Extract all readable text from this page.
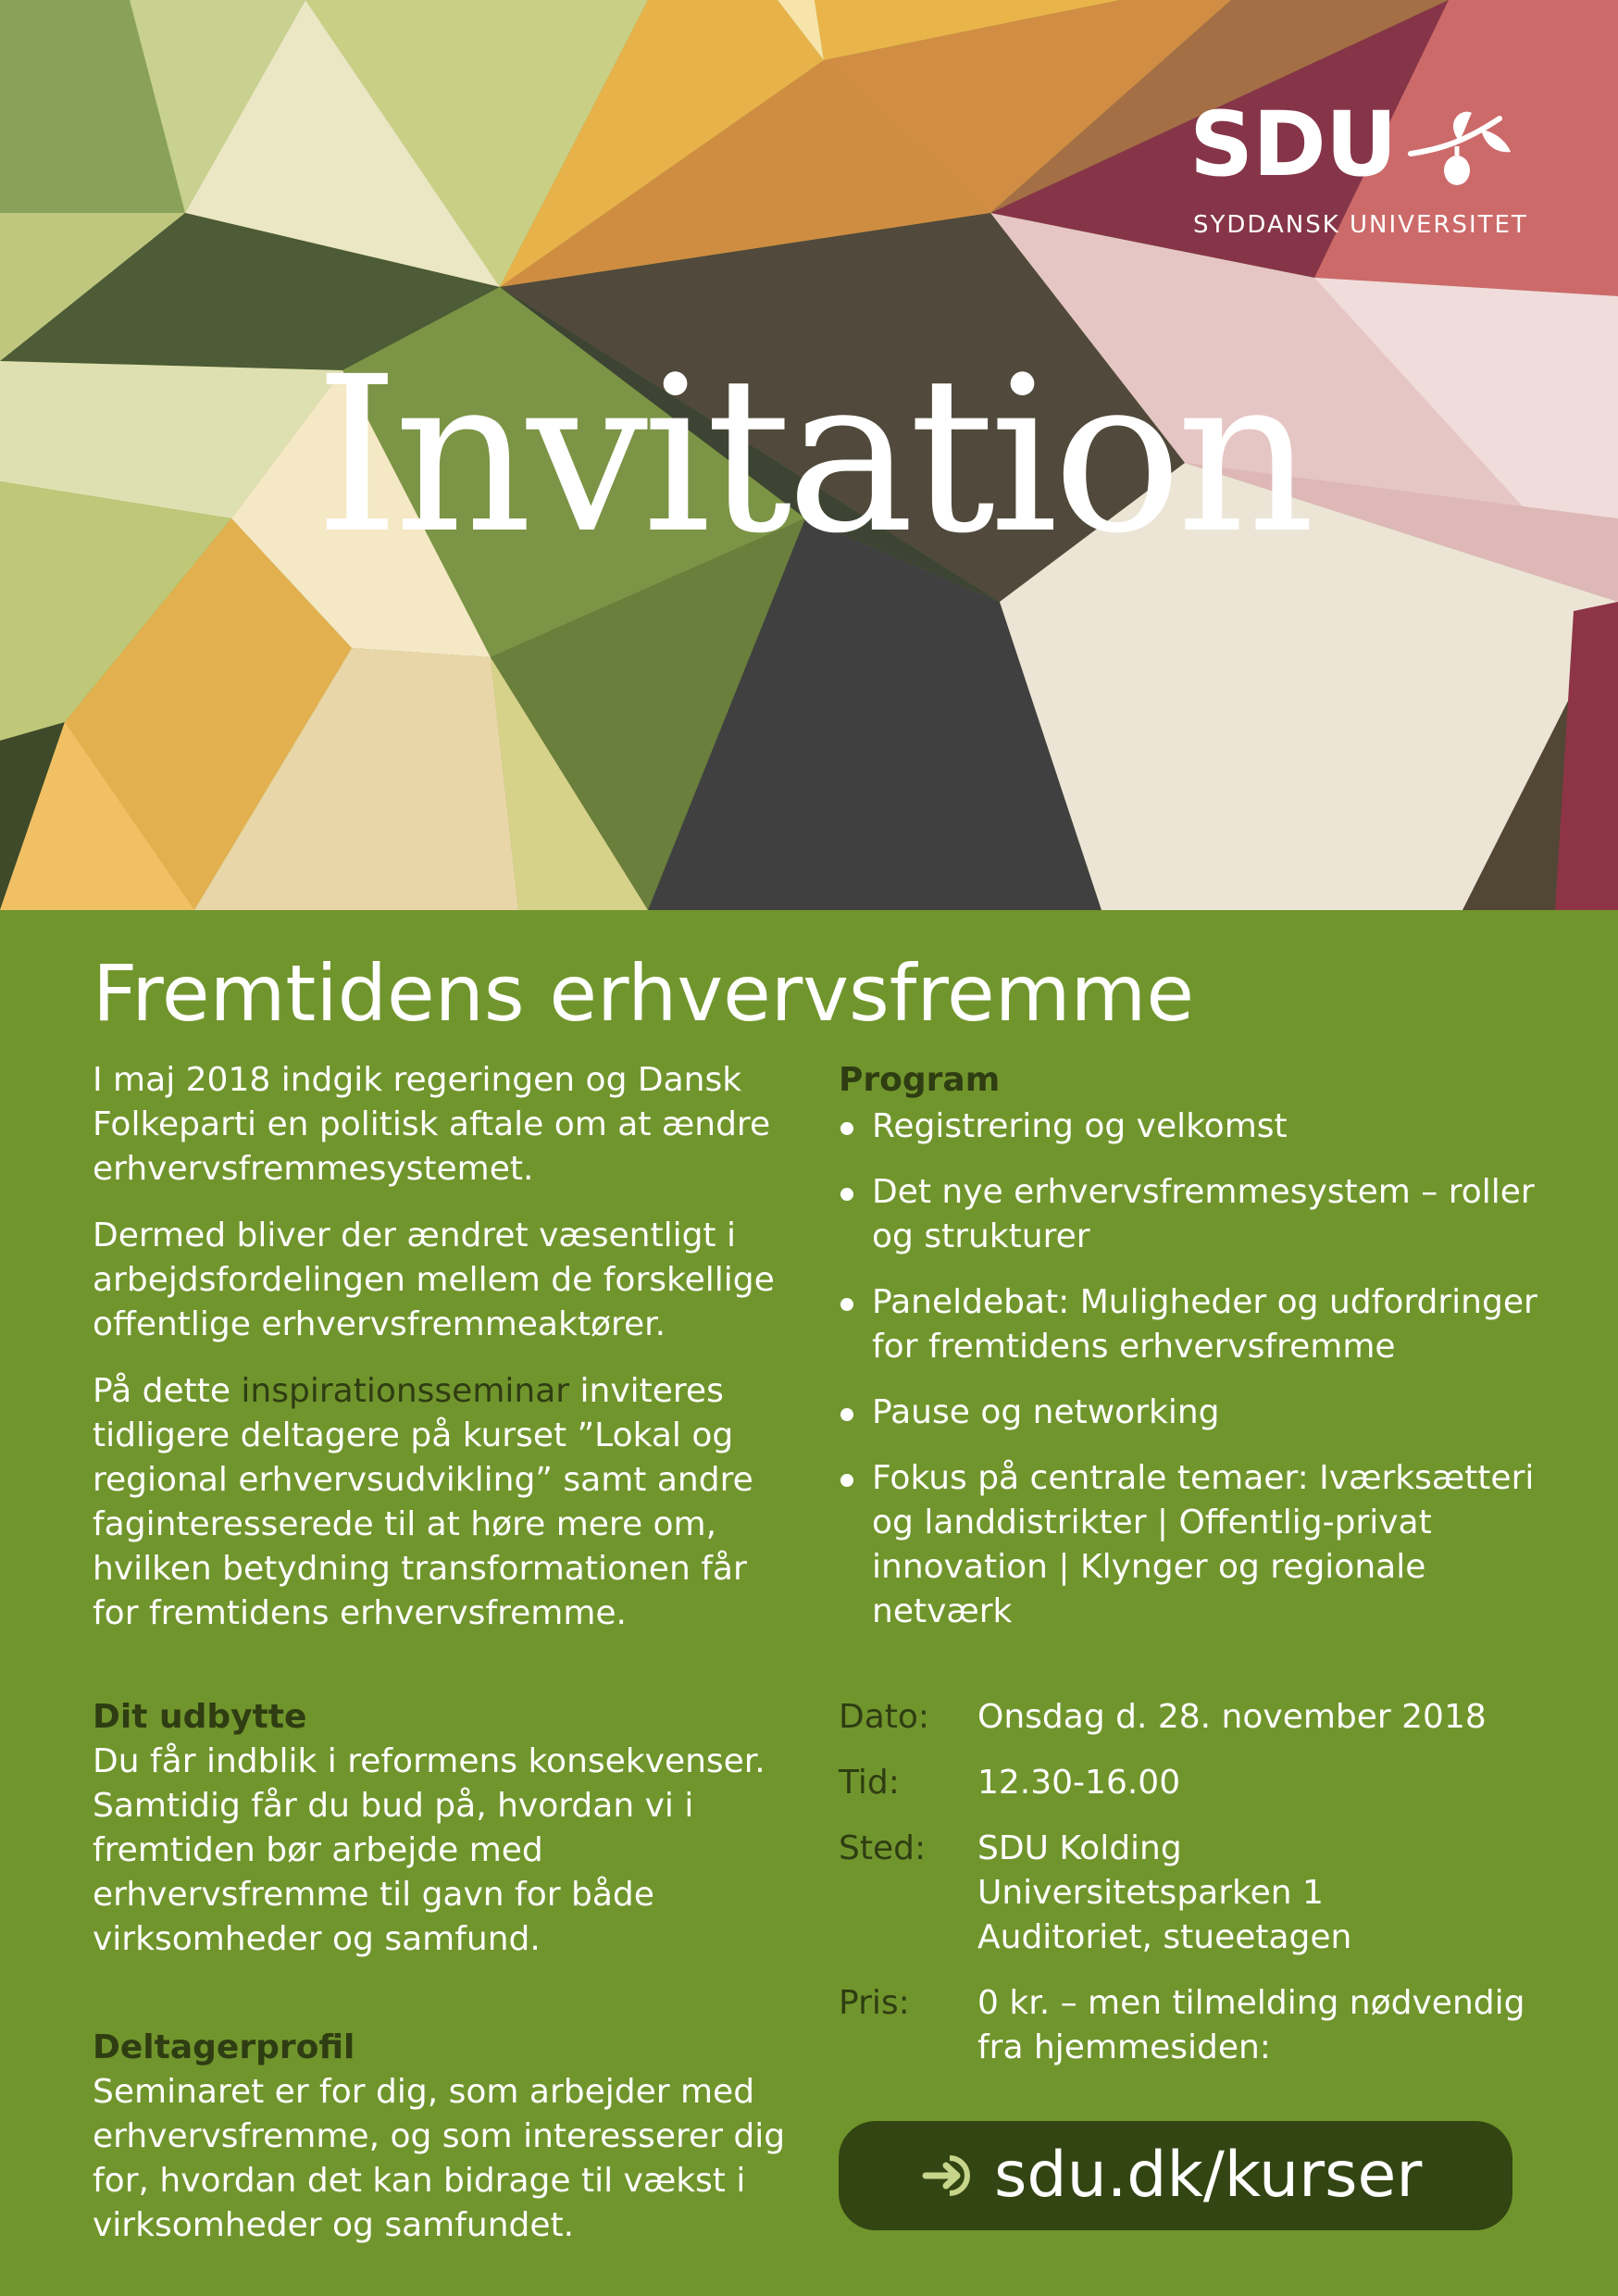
SDU
SYDDANSK UNIVERSITET
Invitation
Fremtidens erhvervsfremme

I maj 2018 indgik regeringen og Dansk Folkeparti en politisk aftale om at ændre erhvervsfremmesystemet.

Dermed bliver der ændret væsentligt i arbejdsfordelingen mellem de forskellige offentlige erhvervsfremmeaktører.

På dette inspirationsseminar inviteres tidligere deltagere på kurset ”Lokal og regional erhvervsudvikling” samt andre faginteresserede til at høre mere om, hvilken betydning transformationen får for fremtidens erhvervsfremme.

Dit udbytte

Du får indblik i reformens konsekvenser. Samtidig får du bud på, hvordan vi i fremtiden bør arbejde med erhvervsfremme til gavn for både virksomheder og samfund.

Deltagerprofil

Seminaret er for dig, som arbejder med erhvervsfremme, og som interesserer dig for, hvordan det kan bidrage til vækst i virksomheder og samfundet.

Program

Registrering og velkomst
Det nye erhvervsfremmesystem – roller og strukturer
Paneldebat: Muligheder og udfordringer for fremtidens erhvervsfremme
Pause og networking
Fokus på centrale temaer: Iværksætteri og landdistrikter | Offentlig-privat innovation | Klynger og regionale netværk
Dato: Onsdag d. 28. november 2018
Tid: 12.30-16.00
Sted: SDU Kolding
Universitetsparken 1
Auditoriet, stueetagen
Pris: 0 kr. – men tilmelding nødvendig fra hjemmesiden:
sdu.dk/kurser
